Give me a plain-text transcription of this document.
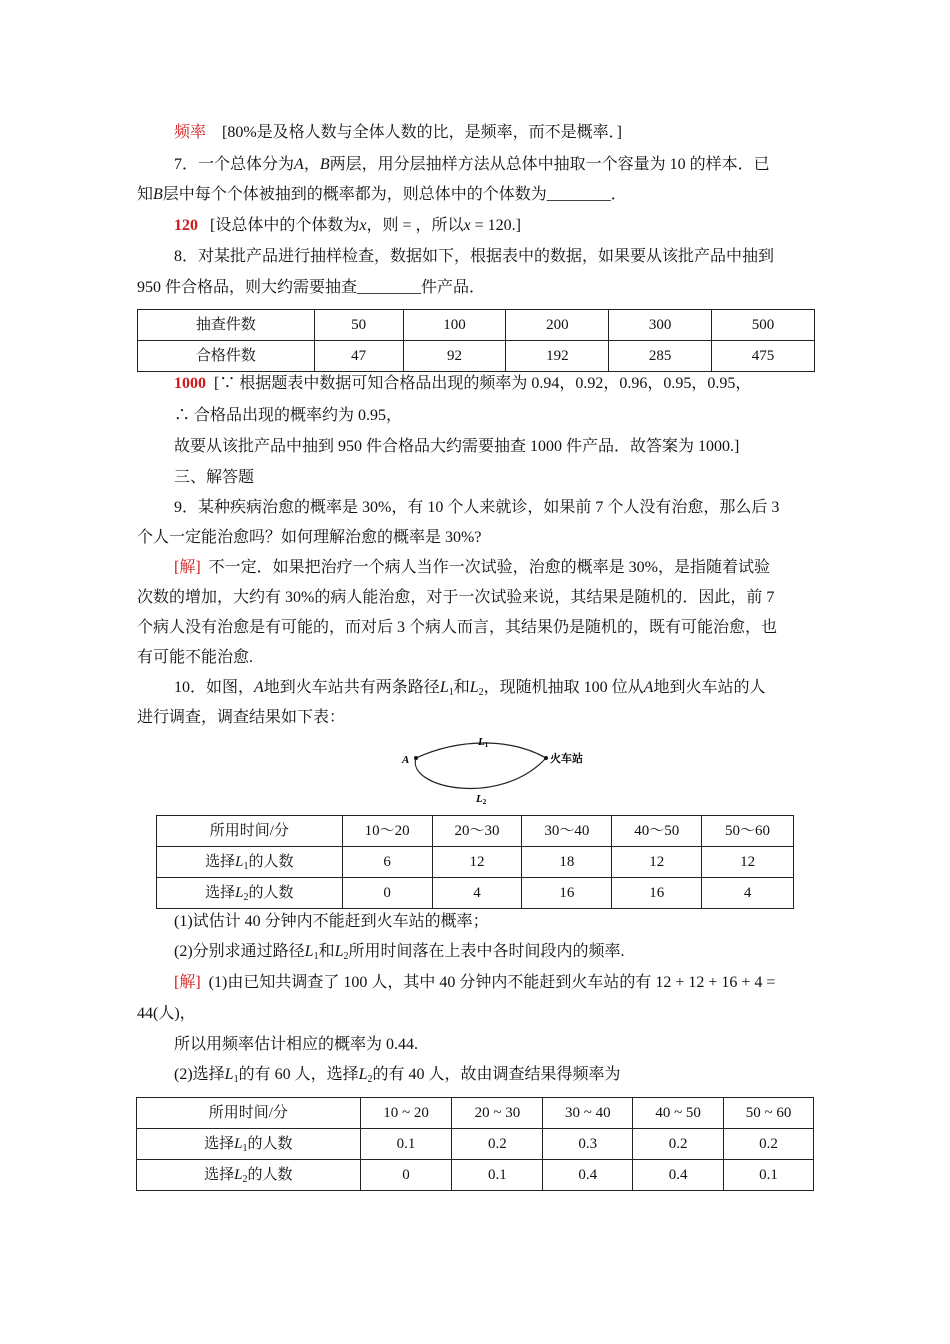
频率 [80%是及格人数与全体人数的比，是频率，而不是概率．]
7．一个总体分为A，B两层，用分层抽样方法从总体中抽取一个容量为 10 的样本．已
知B层中每个个体被抽到的概率都为，则总体中的个体数为________．
120 [设总体中的个体数为x，则 = ，所以x = 120.]
8．对某批产品进行抽样检查，数据如下，根据表中的数据，如果要从该批产品中抽到
950 件合格品，则大约需要抽查________件产品．
抽查件数	50	100	200	300	500
合格件数	47	92	192	285	475
1000 [∵ 根据题表中数据可知合格品出现的频率为 0.94，0.92，0.96，0.95，0.95，
∴ 合格品出现的概率约为 0.95，
故要从该批产品中抽到 950 件合格品大约需要抽查 1000 件产品．故答案为 1000.]
三、解答题
9．某种疾病治愈的概率是 30%，有 10 个人来就诊，如果前 7 个人没有治愈，那么后 3
个人一定能治愈吗？如何理解治愈的概率是 30%?
[解] 不一定．如果把治疗一个病人当作一次试验，治愈的概率是 30%，是指随着试验
次数的增加，大约有 30%的病人能治愈，对于一次试验来说，其结果是随机的．因此，前 7
个病人没有治愈是有可能的，而对后 3 个病人而言，其结果仍是随机的，既有可能治愈，也
有可能不能治愈.
10．如图，A地到火车站共有两条路径$L_1$和$L_2$，现随机抽取 100 位从A地到火车站的人
进行调查，调查结果如下表：
A	火车站
L1
L2
所用时间/分	10～20	20～30	30～40	40～50	50～60
选择$L_1$的人数	6	12	18	12	12
选择$L_2$的人数	0	4	16	16	4
(1)试估计 40 分钟内不能赶到火车站的概率；
(2)分别求通过路径$L_1$和$L_2$所用时间落在上表中各时间段内的频率.
[解] (1)由已知共调查了 100 人，其中 40 分钟内不能赶到火车站的有 12 + 12 + 16 + 4 =
44(人)，
所以用频率估计相应的概率为 0.44.
(2)选择$L_1$的有 60 人，选择$L_2$的有 40 人，故由调查结果得频率为
所用时间/分	10 ~ 20	20 ~ 30	30 ~ 40	40 ~ 50	50 ~ 60
选择$L_1$的人数	0.1	0.2	0.3	0.2	0.2
选择$L_2$的人数	0	0.1	0.4	0.4	0.1
